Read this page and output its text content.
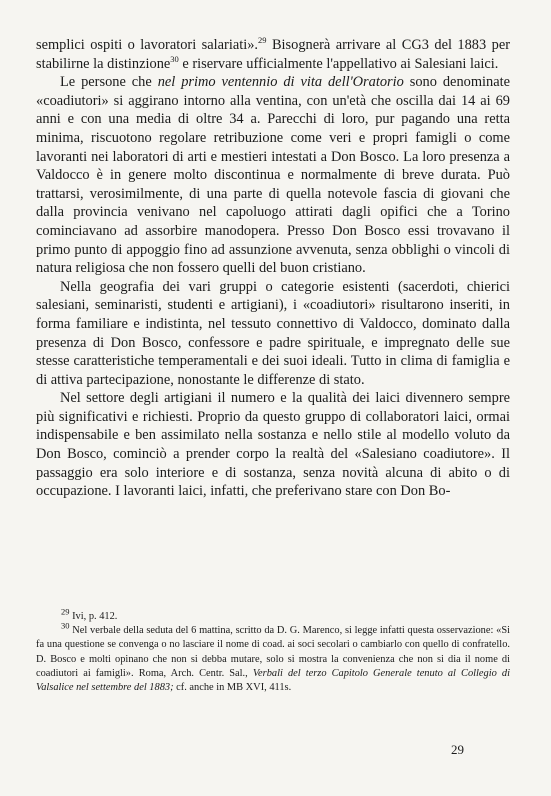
semplici ospiti o lavoratori salariati».$^{29}$ Bisognerà arrivare al CG3 del 1883 per stabilirne la distinzione$^{30}$ e riservare ufficialmente l'appellativo ai Salesiani laici.

Le persone che nel primo ventennio di vita dell'Oratorio sono denominate «coadiutori» si aggirano intorno alla ventina, con un'età che oscilla dai 14 ai 69 anni e con una media di oltre 34 a. Parecchi di loro, pur pagando una retta minima, riscuotono regolare retribuzione come veri e propri famigli o come lavoranti nei laboratori di arti e mestieri intestati a Don Bosco. La loro presenza a Valdocco è in genere molto discontinua e normalmente di breve durata. Può trattarsi, verosimilmente, di una parte di quella notevole fascia di giovani che dalla provincia venivano nel capoluogo attirati dagli opifici che a Torino cominciavano ad assorbire manodopera. Presso Don Bosco essi trovavano il primo punto di appoggio fino ad assunzione avvenuta, senza obblighi o vincoli di natura religiosa che non fossero quelli del buon cristiano.

Nella geografia dei vari gruppi o categorie esistenti (sacerdoti, chierici salesiani, seminaristi, studenti e artigiani), i «coadiutori» risultarono inseriti, in forma familiare e indistinta, nel tessuto connettivo di Valdocco, dominato dalla presenza di Don Bosco, confessore e padre spirituale, e impregnato delle sue stesse caratteristiche temperamentali e dei suoi ideali. Tutto in clima di famiglia e di attiva partecipazione, nonostante le differenze di stato.

Nel settore degli artigiani il numero e la qualità dei laici divennero sempre più significativi e richiesti. Proprio da questo gruppo di collaboratori laici, ormai indispensabile e ben assimilato nella sostanza e nello stile al modello voluto da Don Bosco, cominciò a prender corpo la realtà del «Salesiano coadiutore». Il passaggio era solo interiore e di sostanza, senza novità alcuna di abito o di occupazione. I lavoranti laici, infatti, che preferivano stare con Don Bo-

$^{29}$ Ivi, p. 412.

$^{30}$ Nel verbale della seduta del 6 mattina, scritto da D. G. Marenco, si legge infatti questa osservazione: «Si fa una questione se convenga o no lasciare il nome di coad. ai soci secolari o cambiarlo con quello di confratello. D. Bosco e molti opinano che non si debba mutare, solo si mostra la convenienza che non si dia il nome di coadiutori ai famigli». Roma, Arch. Centr. Sal., Verbali del terzo Capitolo Generale tenuto al Collegio di Valsalice nel settembre del 1883; cf. anche in MB XVI, 411s.

29
